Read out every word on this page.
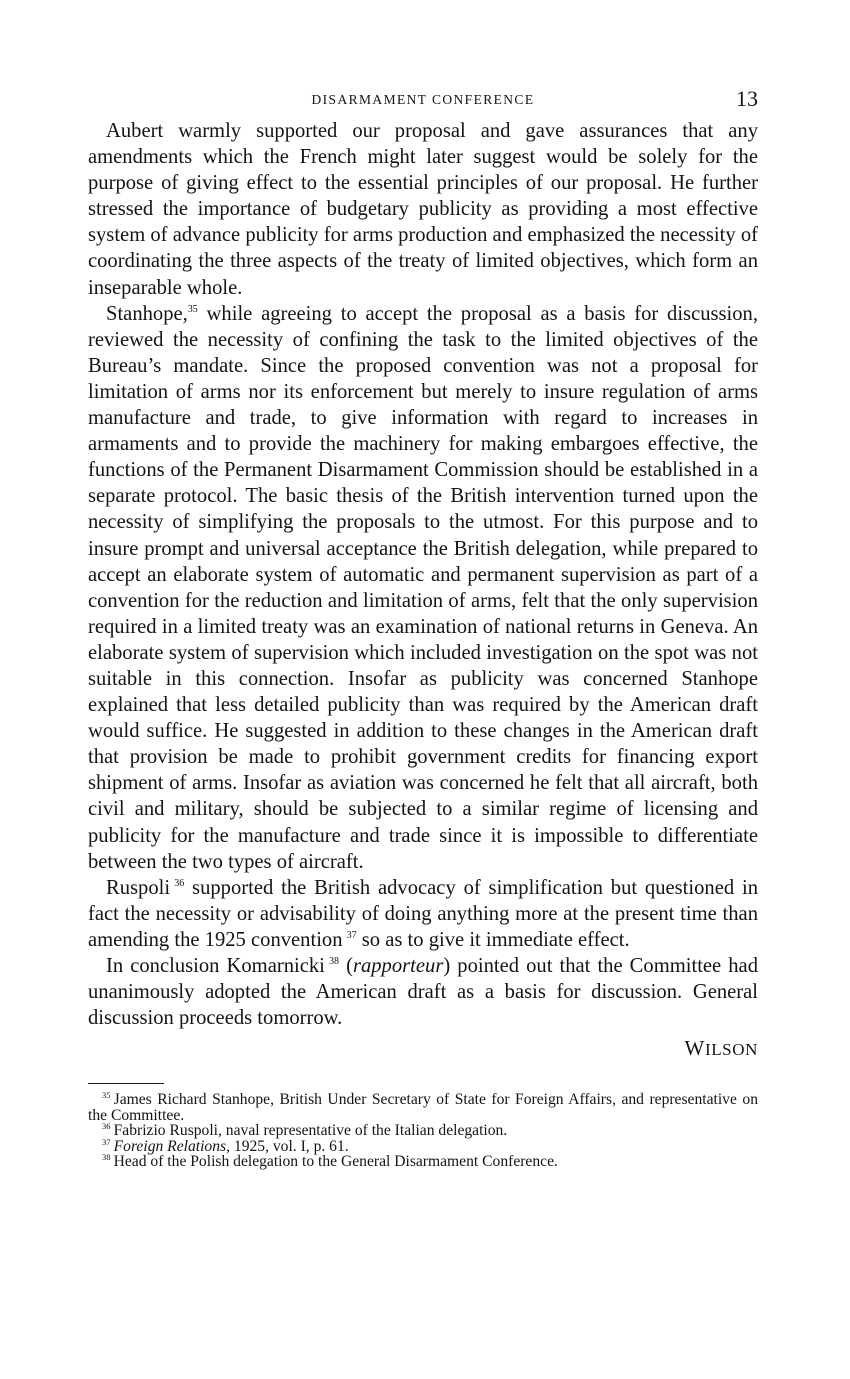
DISARMAMENT CONFERENCE	13

Aubert warmly supported our proposal and gave assurances that any amendments which the French might later suggest would be solely for the purpose of giving effect to the essential principles of our proposal. He further stressed the importance of budgetary publicity as providing a most effective system of advance publicity for arms production and emphasized the necessity of coordinating the three aspects of the treaty of limited objectives, which form an inseparable whole.

Stanhope,$^{35}$ while agreeing to accept the proposal as a basis for discussion, reviewed the necessity of confining the task to the limited objectives of the Bureau’s mandate. Since the proposed convention was not a proposal for limitation of arms nor its enforcement but merely to insure regulation of arms manufacture and trade, to give information with regard to increases in armaments and to provide the machinery for making embargoes effective, the functions of the Permanent Disarmament Commission should be established in a separate protocol. The basic thesis of the British intervention turned upon the necessity of simplifying the proposals to the utmost. For this purpose and to insure prompt and universal acceptance the British delegation, while prepared to accept an elaborate system of automatic and permanent supervision as part of a convention for the reduction and limitation of arms, felt that the only supervision required in a limited treaty was an examination of national returns in Geneva. An elaborate system of supervision which included investigation on the spot was not suitable in this connection. Insofar as publicity was concerned Stanhope explained that less detailed publicity than was required by the American draft would suffice. He suggested in addition to these changes in the American draft that provision be made to prohibit government credits for financing export shipment of arms. Insofar as aviation was concerned he felt that all aircraft, both civil and military, should be subjected to a similar regime of licensing and publicity for the manufacture and trade since it is impossible to differentiate between the two types of aircraft.

Ruspoli  $^{36}$ supported the British advocacy of simplification but questioned in fact the necessity or advisability of doing anything more at the present time than amending the 1925 convention  $^{37}$ so as to give it immediate effect.

In conclusion Komarnicki  $^{38}$ (rapporteur) pointed out that the Committee had unanimously adopted the American draft as a basis for discussion. General discussion proceeds tomorrow.

WILSON

$^{35}$  James Richard Stanhope, British Under Secretary of State for Foreign Affairs, and representative on the Committee.

$^{36}$  Fabrizio Ruspoli, naval representative of the Italian delegation.

$^{37}$  Foreign Relations, 1925, vol. I, p. 61.

$^{38}$  Head of the Polish delegation to the General Disarmament Conference.
